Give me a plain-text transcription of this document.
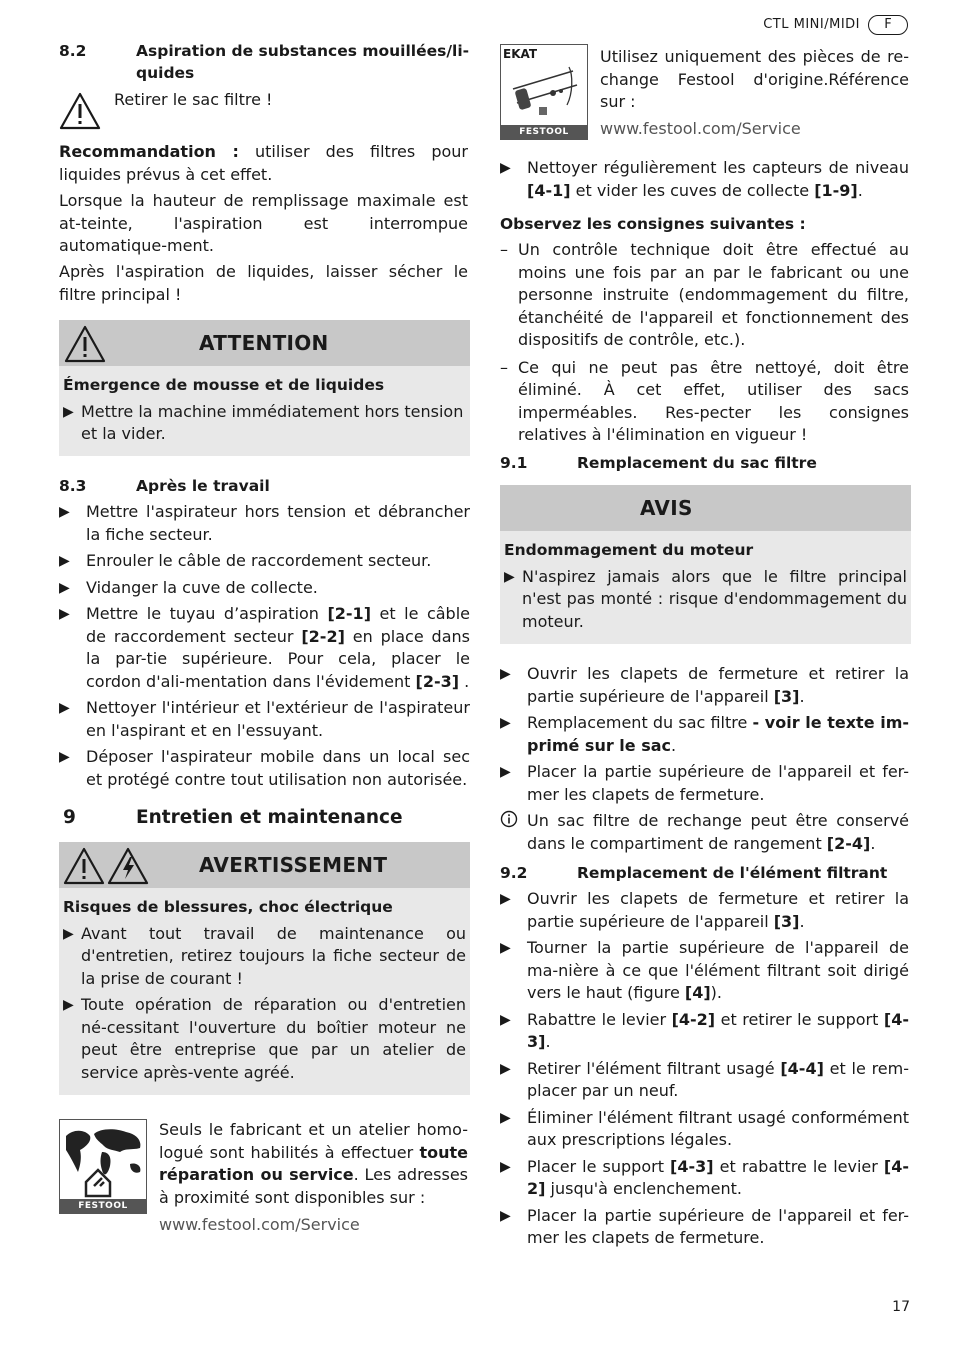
CTL MINI/MIDI	F
8.2	Aspiration de substances mouillées/li-
quides
Retirer le sac filtre !
Recommandation : utiliser des filtres pour liquides prévus à cet effet.
Lorsque la hauteur de remplissage maximale est at-teinte, l'aspiration est interrompue automatique-ment.
Après l'aspiration de liquides, laisser sécher le filtre principal !
ATTENTION
Émergence de mousse et de liquides
▶ Mettre la machine immédiatement hors tension et la vider.
8.3	Après le travail
▶	Mettre l'aspirateur hors tension et débrancher la fiche secteur.
▶	Enrouler le câble de raccordement secteur.
▶	Vidanger la cuve de collecte.
▶	Mettre le tuyau d’aspiration [2-1] et le câble de raccordement secteur [2-2] en place dans la par-tie supérieure. Pour cela, placer le cordon d'ali-mentation dans l'évidement [2-3] .
▶	Nettoyer l'intérieur et l'extérieur de l'aspirateur en l'aspirant et en l'essuyant.
▶	Déposer l'aspirateur mobile dans un local sec et protégé contre tout utilisation non autorisée.
9	Entretien et maintenance
AVERTISSEMENT
Risques de blessures, choc électrique
▶ Avant tout travail de maintenance ou d'entretien, retirez toujours la fiche secteur de la prise de courant !
▶ Toute opération de réparation ou d'entretien né-cessitant l'ouverture du boîtier moteur ne peut être entreprise que par un atelier de service après-vente agréé.
FESTOOL
Seuls le fabricant et un atelier homo-logué sont habilités à effectuer toute réparation ou service. Les adresses à proximité sont disponibles sur :
www.festool.com/Service
EKAT
FESTOOL
Utilisez uniquement des pièces de re-change Festool d'origine.Référence sur :
www.festool.com/Service
▶	Nettoyer régulièrement les capteurs de niveau [4-1] et vider les cuves de collecte [1-9].
Observez les consignes suivantes :
– Un contrôle technique doit être effectué au moins une fois par an par le fabricant ou une personne instruite (endommagement du filtre, étanchéité de l'appareil et fonctionnement des dispositifs de contrôle, etc.).
– Ce qui ne peut pas être nettoyé, doit être éliminé. À cet effet, utiliser des sacs imperméables. Res-pecter les consignes relatives à l'élimination en vigueur !
9.1	Remplacement du sac filtre
AVIS
Endommagement du moteur
▶ N'aspirez jamais alors que le filtre principal n'est pas monté : risque d'endommagement du moteur.
▶	Ouvrir les clapets de fermeture et retirer la partie supérieure de l'appareil [3].
▶	Remplacement du sac filtre - voir le texte im-primé sur le sac.
▶	Placer la partie supérieure de l'appareil et fer-mer les clapets de fermeture.
Un sac filtre de rechange peut être conservé dans le compartiment de rangement [2-4].
9.2	Remplacement de l'élément filtrant
▶	Ouvrir les clapets de fermeture et retirer la partie supérieure de l'appareil [3].
▶	Tourner la partie supérieure de l'appareil de ma-nière à ce que l'élément filtrant soit dirigé vers le haut (figure [4]).
▶	Rabattre le levier [4-2] et retirer le support [4-3].
▶	Retirer l'élément filtrant usagé [4-4] et le rem-placer par un neuf.
▶	Éliminer l'élément filtrant usagé conformément aux prescriptions légales.
▶	Placer le support [4-3] et rabattre le levier [4-2] jusqu'à enclenchement.
▶	Placer la partie supérieure de l'appareil et fer-mer les clapets de fermeture.
17
